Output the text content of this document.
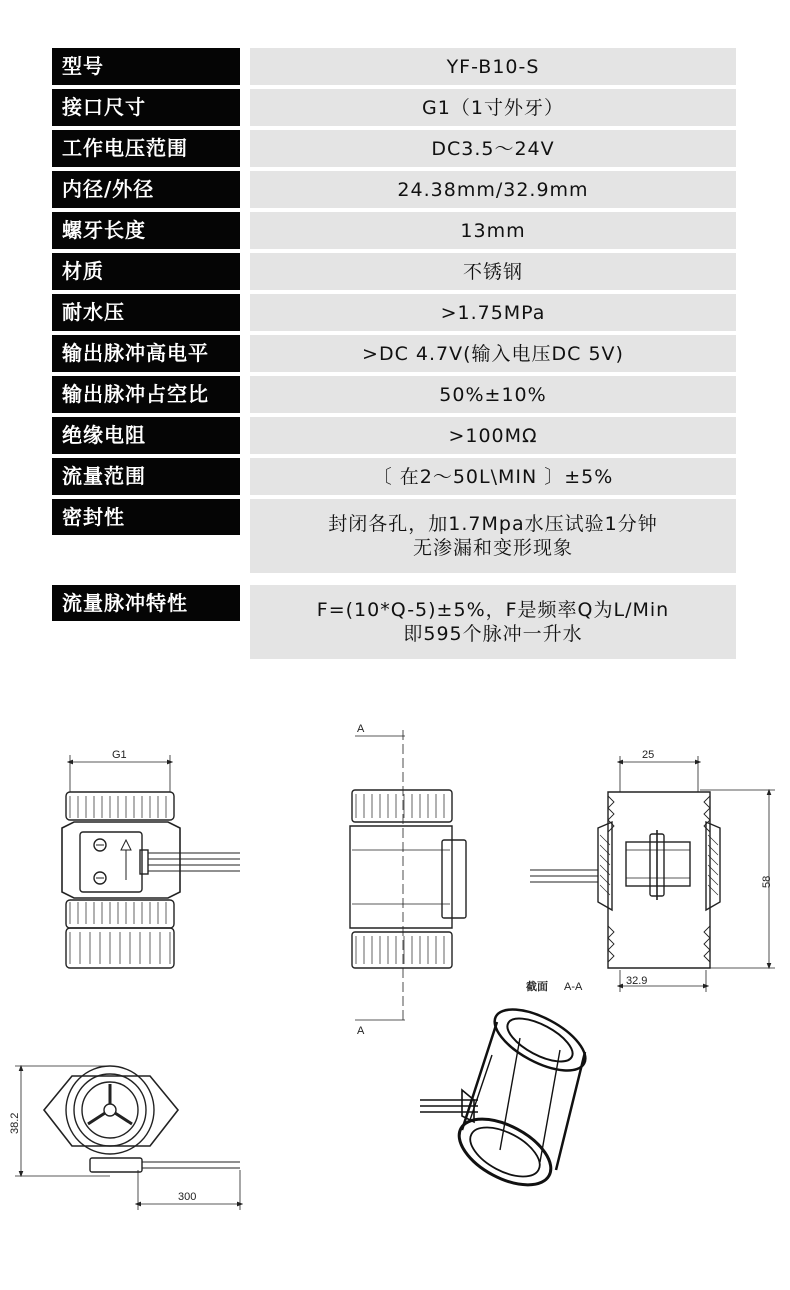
型号	YF-B10-S
接口尺寸	G1（1寸外牙）
工作电压范围	DC3.5～24V
内径/外径	24.38mm/32.9mm
螺牙长度	13mm
材质	不锈钢
耐水压	>1.75MPa
输出脉冲高电平	>DC 4.7V(输入电压DC 5V)
输出脉冲占空比	50%±10%
绝缘电阻	>100MΩ
流量范围	〔 在2～50L\MIN 〕±5%
密封性	封闭各孔，加1.7Mpa水压试验1分钟
无渗漏和变形现象
流量脉冲特性	F=(10*Q-5)±5%，F是频率Q为L/Min
即595个脉冲一升水
G1
A
A
25
58
32.9
截面 A-A
38.2
300
